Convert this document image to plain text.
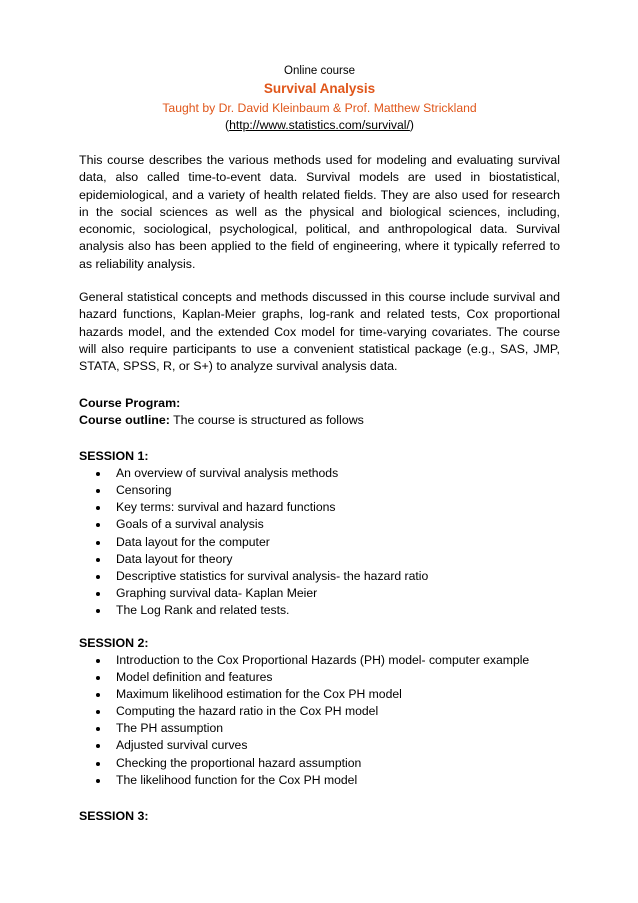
Online course
Survival Analysis
Taught by Dr. David Kleinbaum & Prof. Matthew Strickland
(http://www.statistics.com/survival/)

This course describes the various methods used for modeling and evaluating survival data, also called time-to-event data. Survival models are used in biostatistical, epidemiological, and a variety of health related fields. They are also used for research in the social sciences as well as the physical and biological sciences, including, economic, sociological, psychological, political, and anthropological data. Survival analysis also has been applied to the field of engineering, where it typically referred to as reliability analysis.

General statistical concepts and methods discussed in this course include survival and hazard functions, Kaplan-Meier graphs, log-rank and related tests, Cox proportional hazards model, and the extended Cox model for time-varying covariates. The course will also require participants to use a convenient statistical package (e.g., SAS, JMP, STATA, SPSS, R, or S+) to analyze survival analysis data.

Course Program:
Course outline: The course is structured as follows
SESSION 1:
An overview of survival analysis methods
Censoring
Key terms: survival and hazard functions
Goals of a survival analysis
Data layout for the computer
Data layout for theory
Descriptive statistics for survival analysis- the hazard ratio
Graphing survival data- Kaplan Meier
The Log Rank and related tests.
SESSION 2:
Introduction to the Cox Proportional Hazards (PH) model- computer example
Model definition and features
Maximum likelihood estimation for the Cox PH model
Computing the hazard ratio in the Cox PH model
The PH assumption
Adjusted survival curves
Checking the proportional hazard assumption
The likelihood function for the Cox PH model
SESSION 3:
